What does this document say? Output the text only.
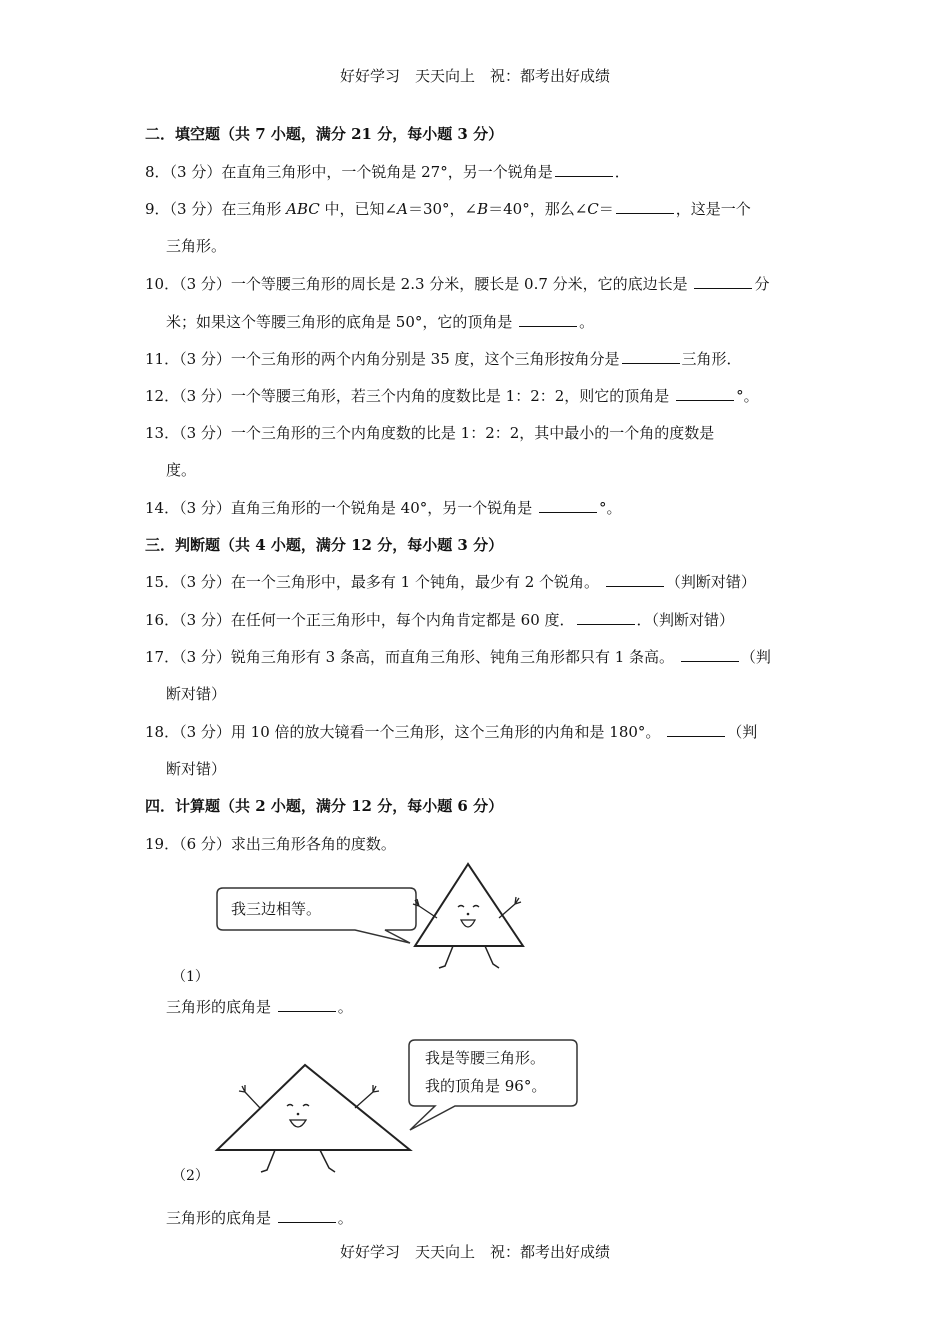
好好学习　天天向上　祝：都考出好成绩
二．填空题（共 7 小题，满分 21 分，每小题 3 分）
8．（3 分）在直角三角形中，一个锐角是 27°，另一个锐角是	．
9．（3 分）在三角形 ABC 中，已知∠A＝30°，∠B＝40°，那么∠C＝	，这是一个
三角形。
10．（3 分）一个等腰三角形的周长是 2.3 分米，腰长是 0.7 分米，它的底边长是	分
米；如果这个等腰三角形的底角是 50°，它的顶角是	。
11．（3 分）一个三角形的两个内角分别是 35 度，这个三角形按角分是	三角形．
12．（3 分）一个等腰三角形，若三个内角的度数比是 1：2：2，则它的顶角是	°。
13．（3 分）一个三角形的三个内角度数的比是 1：2：2，其中最小的一个角的度数是
度。
14．（3 分）直角三角形的一个锐角是 40°，另一个锐角是	°。
三．判断题（共 4 小题，满分 12 分，每小题 3 分）
15．（3 分）在一个三角形中，最多有 1 个钝角，最少有 2 个锐角。	（判断对错）
16．（3 分）在任何一个正三角形中，每个内角肯定都是 60 度．	．（判断对错）
17．（3 分）锐角三角形有 3 条高，而直角三角形、钝角三角形都只有 1 条高。	（判
断对错）
18．（3 分）用 10 倍的放大镜看一个三角形，这个三角形的内角和是 180°。	（判
断对错）
四．计算题（共 2 小题，满分 12 分，每小题 6 分）
19．（6 分）求出三角形各角的度数。
我三边相等。
（1）
三角形的底角是	。
我是等腰三角形。
我的顶角是 96°。
（2）
三角形的底角是	。
好好学习　天天向上　祝：都考出好成绩
